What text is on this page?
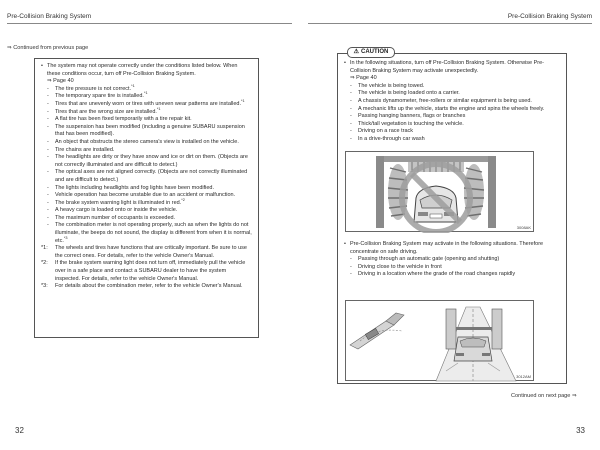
Pre-Collision Braking System	Pre-Collision Braking System
⇒ Continued from previous page
• The system may not operate correctly under the conditions listed below. When these conditions occur, turn off Pre-Collision Braking System.
⇒ Page 40
- The tire pressure is not correct.$^{*1}$
- The temporary spare tire is installed.$^{*1}$
- Tires that are unevenly worn or tires with uneven wear patterns are installed.$^{*1}$
- Tires that are the wrong size are installed.$^{*1}$
- A flat tire has been fixed temporarily with a tire repair kit.
- The suspension has been modified (including a genuine SUBARU suspension that has been modified).
- An object that obstructs the stereo camera's view is installed on the vehicle.
- Tire chains are installed.
- The headlights are dirty or they have snow and ice or dirt on them. (Objects are not correctly illuminated and are difficult to detect.)
- The optical axes are not aligned correctly. (Objects are not correctly illuminated and are difficult to detect.)
- The lights including headlights and fog lights have been modified.
- Vehicle operation has become unstable due to an accident or malfunction.
- The brake system warning light is illuminated in red.$^{*2}$
- A heavy cargo is loaded onto or inside the vehicle.
- The maximum number of occupants is exceeded.
- The combination meter is not operating properly, such as when the lights do not illuminate, the beeps do not sound, the display is different from when it is normal, etc.$^{*3}$
*1: The wheels and tires have functions that are critically important. Be sure to use the correct ones. For details, refer to the vehicle Owner's Manual.
*2: If the brake system warning light does not turn off, immediately pull the vehicle over in a safe place and contact a SUBARU dealer to have the system inspected. For details, refer to the vehicle Owner's Manual.
*3: For details about the combination meter, refer to the vehicle Owner's Manual.
• In the following situations, turn off Pre-Collision Braking System. Otherwise Pre-Collision Braking System may activate unexpectedly.
⇒ Page 40
- The vehicle is being towed.
- The vehicle is being loaded onto a carrier.
- A chassis dynamometer, free-rollers or similar equipment is being used.
- A mechanic lifts up the vehicle, starts the engine and spins the wheels freely.
- Passing hanging banners, flags or branches
- Thick/tall vegetation is touching the vehicle.
- Driving on a race track
- In a drive-through car wash
• Pre-Collision Braking System may activate in the following situations. Therefore concentrate on safe driving.
- Passing through an automatic gate (opening and shutting)
- Driving close to the vehicle in front
- Driving in a location where the grade of the road changes rapidly
⚠ CAUTION
3008AK
3012AM
Continued on next page ⇒
32	33
